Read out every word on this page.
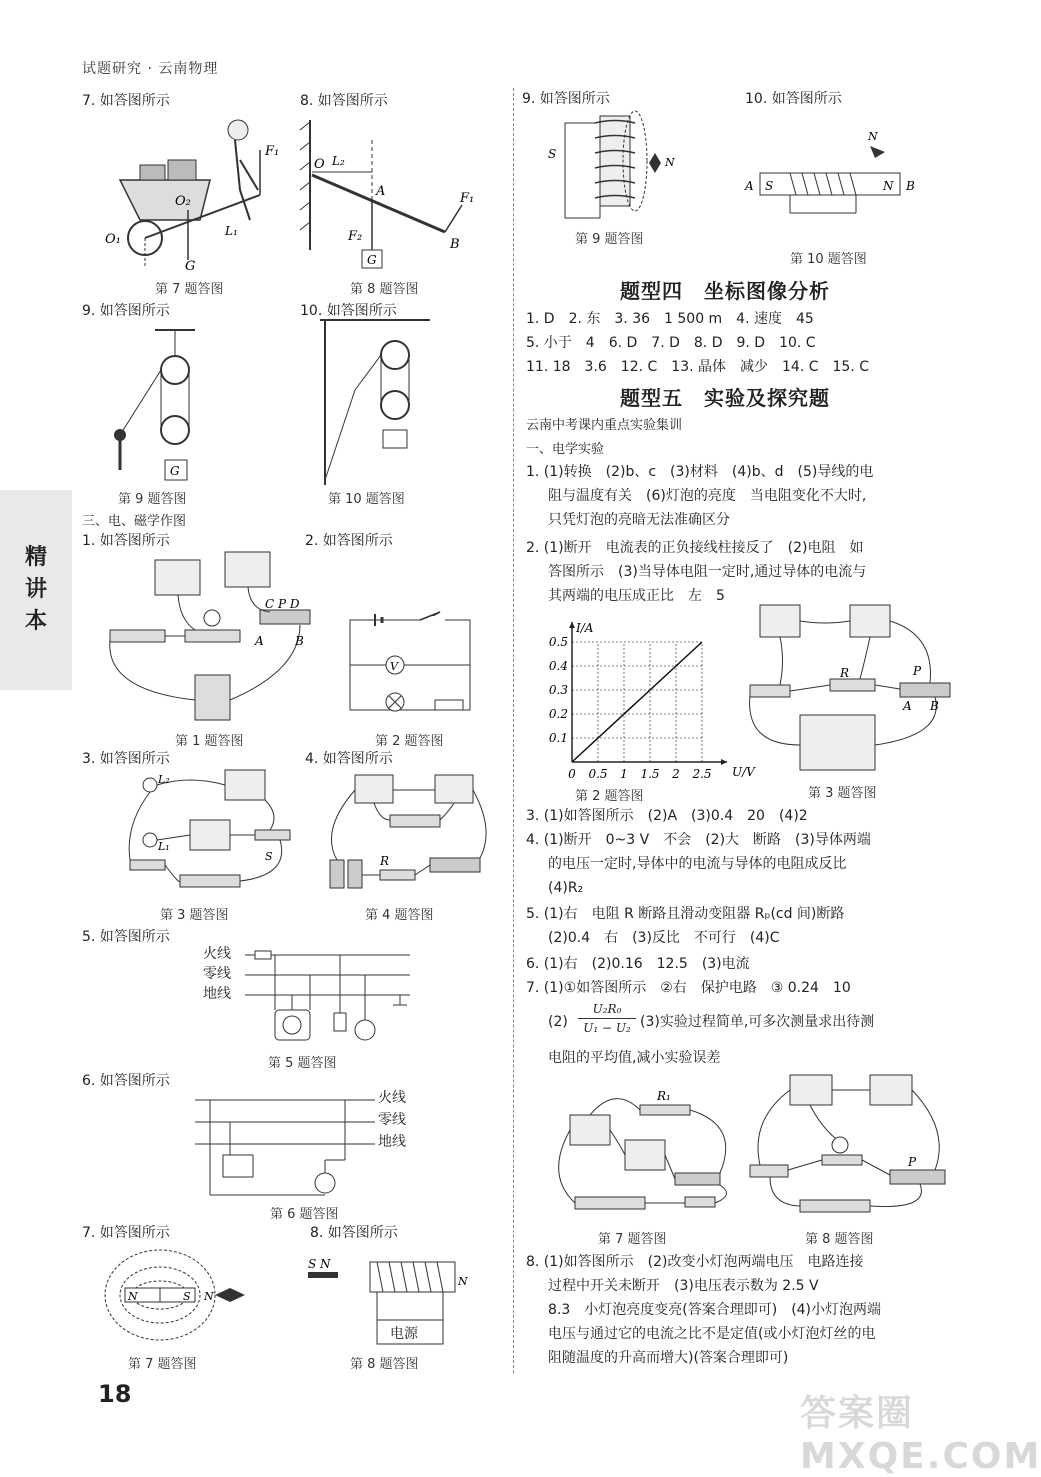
试题研究 · 云南物理
精
讲
本
7. 如答图所示	8. 如答图所示
F₁
O₂
O₁
L₁
G
第 7 题答图
O L₂
A
F₂
B
F₁
G
第 8 题答图
9. 如答图所示	10. 如答图所示
G
第 9 题答图	第 10 题答图
三、电、磁学作图
1. 如答图所示	2. 如答图所示
C P D
A	B
第 1 题答图
V
第 2 题答图
3. 如答图所示	4. 如答图所示
L₂
L₁
S
第 3 题答图
R
第 4 题答图
5. 如答图所示
火线
零线
地线
第 5 题答图
6. 如答图所示
火线
零线
地线
第 6 题答图
7. 如答图所示	8. 如答图所示
N	S N
第 7 题答图
S N
N
电源
第 8 题答图
18
9. 如答图所示	10. 如答图所示
S
N
第 9 题答图
N
A S	N B
第 10 题答图
题型四　坐标图像分析
1. D　2. 东　3. 36　1 500 m　4. 速度　45
5. 小于　4　6. D　7. D　8. D　9. D　10. C
11. 18　3.6　12. C　13. 晶体　减少　14. C　15. C
题型五　实验及探究题
云南中考课内重点实验集训
一、电学实验
1. (1)转换　(2)b、c　(3)材料　(4)b、d　(5)导线的电
阻与温度有关　(6)灯泡的亮度　当电阻变化不大时,
只凭灯泡的亮暗无法准确区分
2. (1)断开　电流表的正负接线柱接反了　(2)电阻　如
答图所示　(3)当导体电阻一定时,通过导体的电流与
其两端的电压成正比　左　5
0 0.5 1 1.5 2 2.5
0.1
0.2
0.3
0.4
0.5
U/V
I/A
第 2 题答图
R	P
A B
第 3 题答图
3. (1)如答图所示　(2)A　(3)0.4　20　(4)2
4. (1)断开　0~3 V　不会　(2)大　断路　(3)导体两端
的电压一定时,导体中的电流与导体的电阻成反比
(4)R₂
5. (1)右　电阻 R 断路且滑动变阻器 Rₚ(cd 间)断路
(2)0.4　右　(3)反比　不可行　(4)C
6. (1)右　(2)0.16　12.5　(3)电流
7. (1)①如答图所示　②右　保护电路　③ 0.24　10
$(2) \frac{\text{U₂R₀}}{\text{U₁ − U₂}} (3)$实验过程简单,可多次测量求出待测
电阻的平均值,减小实验误差
R₁
第 7 题答图
P
第 8 题答图
8. (1)如答图所示　(2)改变小灯泡两端电压　电路连接
过程中开关未断开　(3)电压表示数为 2.5 V
8.3　小灯泡亮度变亮(答案合理即可)　(4)小灯泡两端
电压与通过它的电流之比不是定值(或小灯泡灯丝的电
阻随温度的升高而增大)(答案合理即可)
答案圈 MXQE.COM
